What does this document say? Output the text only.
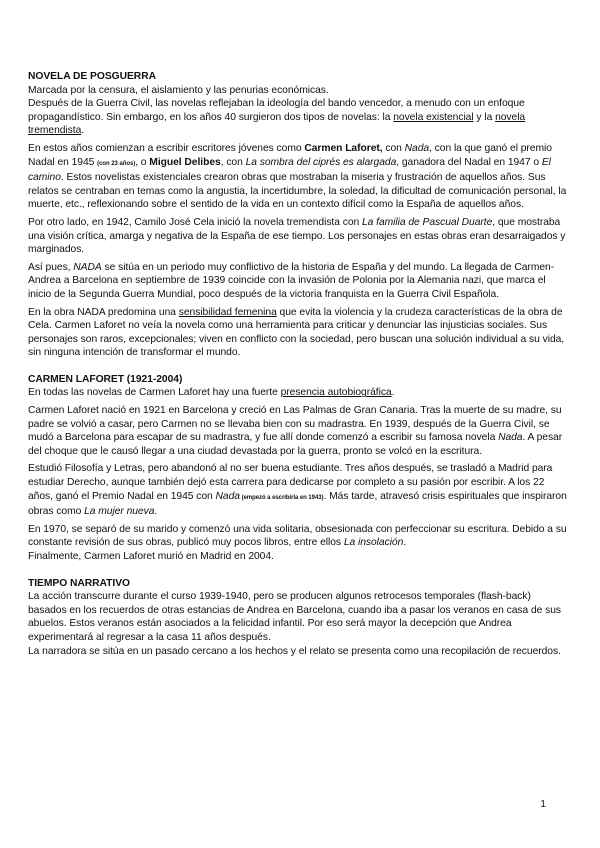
NOVELA DE POSGUERRA

Marcada por la censura, el aislamiento y las penurias económicas.

Después de la Guerra Civil, las novelas reflejaban la ideología del bando vencedor, a menudo con un enfoque propagandístico. Sin embargo, en los años 40 surgieron dos tipos de novelas: la novela existencial y la novela tremendista.

En estos años comienzan a escribir escritores jóvenes como Carmen Laforet, con Nada, con la que ganó el premio Nadal en 1945 (con 23 años), o Miguel Delibes, con La sombra del ciprés es alargada, ganadora del Nadal en 1947 o El camino. Estos novelistas existenciales crearon obras que mostraban la miseria y frustración de aquellos años. Sus relatos se centraban en temas como la angustia, la incertidumbre, la soledad, la dificultad de comunicación personal, la muerte, etc., reflexionando sobre el sentido de la vida en un contexto difícil como la España de aquellos años.

Por otro lado, en 1942, Camilo José Cela inició la novela tremendista con La familia de Pascual Duarte, que mostraba una visión crítica, amarga y negativa de la España de ese tiempo. Los personajes en estas obras eran desarraigados y marginados.

Así pues, NADA se sitúa en un periodo muy conflictivo de la historia de España y del mundo. La llegada de Carmen-Andrea a Barcelona en septiembre de 1939 coincide con la invasión de Polonia por la Alemania nazi, que marca el inicio de la Segunda Guerra Mundial, poco después de la victoria franquista en la Guerra Civil Española.

En la obra NADA predomina una sensibilidad femenina que evita la violencia y la crudeza características de la obra de Cela. Carmen Laforet no veía la novela como una herramienta para criticar y denunciar las injusticias sociales. Sus personajes son raros, excepcionales; viven en conflicto con la sociedad, pero buscan una solución individual a su vida, sin ninguna intención de transformar el mundo.

CARMEN LAFORET (1921-2004)

En todas las novelas de Carmen Laforet hay una fuerte presencia autobiográfica.

Carmen Laforet nació en 1921 en Barcelona y creció en Las Palmas de Gran Canaria. Tras la muerte de su madre, su padre se volvió a casar, pero Carmen no se llevaba bien con su madrastra. En 1939, después de la Guerra Civil, se mudó a Barcelona para escapar de su madrastra, y fue allí donde comenzó a escribir su famosa novela Nada. A pesar del choque que le causó llegar a una ciudad devastada por la guerra, pronto se volcó en la escritura.

Estudió Filosofía y Letras, pero abandonó al no ser buena estudiante. Tres años después, se trasladó a Madrid para estudiar Derecho, aunque también dejó esta carrera para dedicarse por completo a su pasión por escribir. A los 22 años, ganó el Premio Nadal en 1945 con Nada (empezó a escribirla en 1943). Más tarde, atravesó crisis espirituales que inspiraron obras como La mujer nueva.

En 1970, se separó de su marido y comenzó una vida solitaria, obsesionada con perfeccionar su escritura. Debido a su constante revisión de sus obras, publicó muy pocos libros, entre ellos La insolación.

Finalmente, Carmen Laforet murió en Madrid en 2004.

TIEMPO NARRATIVO

La acción transcurre durante el curso 1939-1940, pero se producen algunos retrocesos temporales (flash-back) basados en los recuerdos de otras estancias de Andrea en Barcelona, cuando iba a pasar los veranos en casa de sus abuelos. Estos veranos están asociados a la felicidad infantil. Por eso será mayor la decepción que Andrea experimentará al regresar a la casa 11 años después.

La narradora se sitúa en un pasado cercano a los hechos y el relato se presenta como una recopilación de recuerdos.

1
